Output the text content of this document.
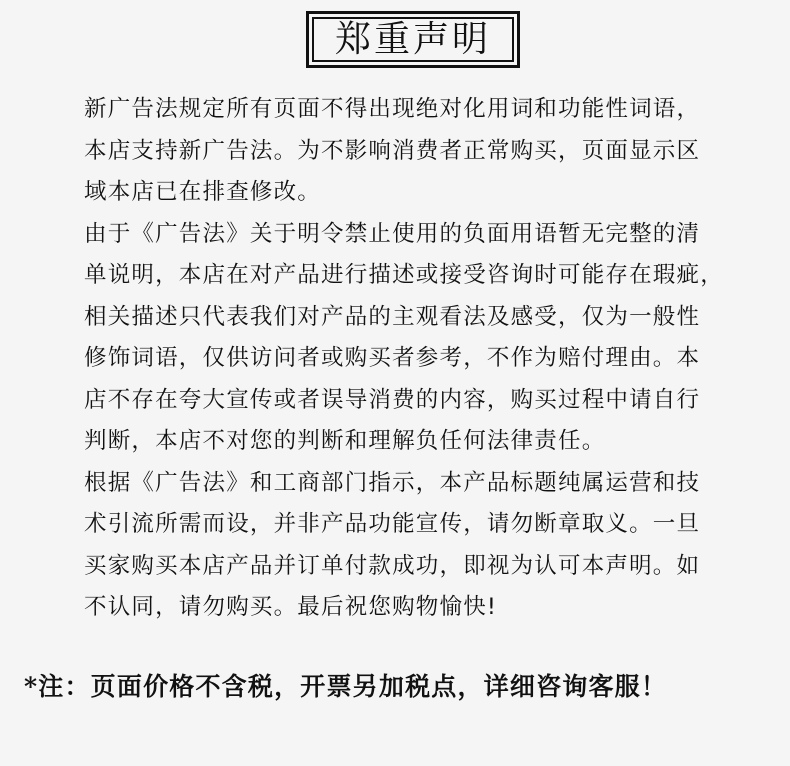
郑重声明

新广告法规定所有页面不得出现绝对化用词和功能性词语，
本店支持新广告法。为不影响消费者正常购买，页面显示区
域本店已在排查修改。

由于《广告法》关于明令禁止使用的负面用语暂无完整的清
单说明，本店在对产品进行描述或接受咨询时可能存在瑕疵，
相关描述只代表我们对产品的主观看法及感受，仅为一般性
修饰词语，仅供访问者或购买者参考，不作为赔付理由。本
店不存在夸大宣传或者误导消费的内容，购买过程中请自行
判断，本店不对您的判断和理解负任何法律责任。

根据《广告法》和工商部门指示，本产品标题纯属运营和技
术引流所需而设，并非产品功能宣传，请勿断章取义。一旦
买家购买本店产品并订单付款成功，即视为认可本声明。如
不认同，请勿购买。最后祝您购物愉快!

*注：页面价格不含税，开票另加税点，详细咨询客服！
